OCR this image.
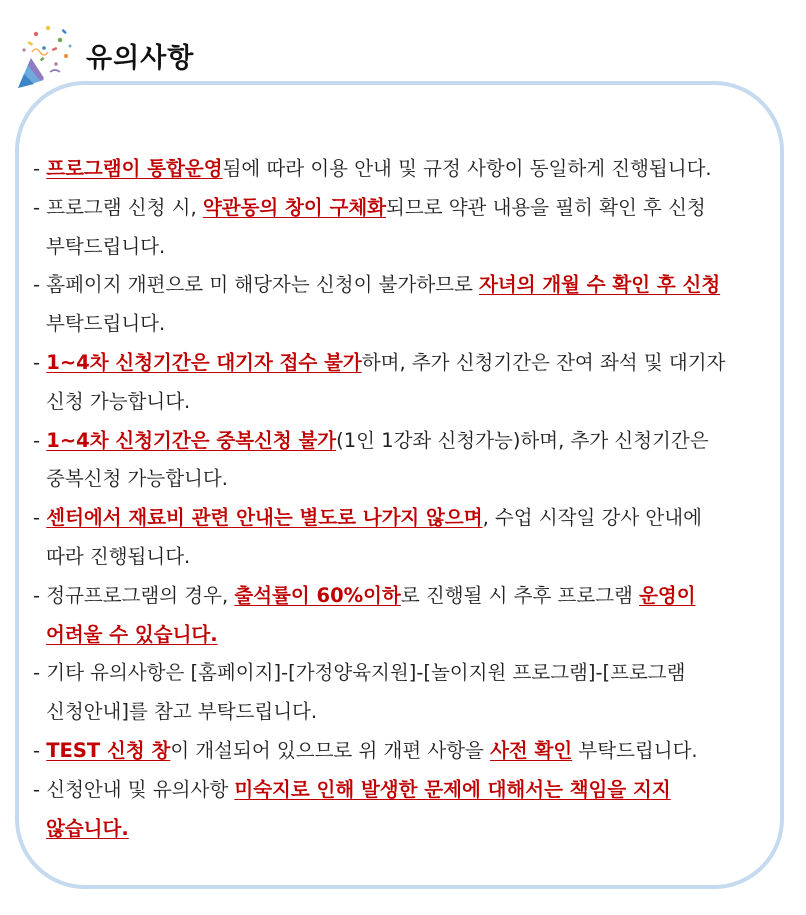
유의사항
- 프로그램이 통합운영됨에 따라 이용 안내 및 규정 사항이 동일하게 진행됩니다.
- 프로그램 신청 시, 약관동의 창이 구체화되므로 약관 내용을 필히 확인 후 신청
부탁드립니다.
- 홈페이지 개편으로 미 해당자는 신청이 불가하므로 자녀의 개월 수 확인 후 신청
부탁드립니다.
- 1~4차 신청기간은 대기자 접수 불가하며, 추가 신청기간은 잔여 좌석 및 대기자
신청 가능합니다.
- 1~4차 신청기간은 중복신청 불가(1인 1강좌 신청가능)하며, 추가 신청기간은
중복신청 가능합니다.
- 센터에서 재료비 관련 안내는 별도로 나가지 않으며, 수업 시작일 강사 안내에
따라 진행됩니다.
- 정규프로그램의 경우, 출석률이 60%이하로 진행될 시 추후 프로그램 운영이
어려울 수 있습니다.
- 기타 유의사항은 [홈페이지]-[가정양육지원]-[놀이지원 프로그램]-[프로그램
신청안내]를 참고 부탁드립니다.
- TEST 신청 창이 개설되어 있으므로 위 개편 사항을 사전 확인 부탁드립니다.
- 신청안내 및 유의사항 미숙지로 인해 발생한 문제에 대해서는 책임을 지지
않습니다.
